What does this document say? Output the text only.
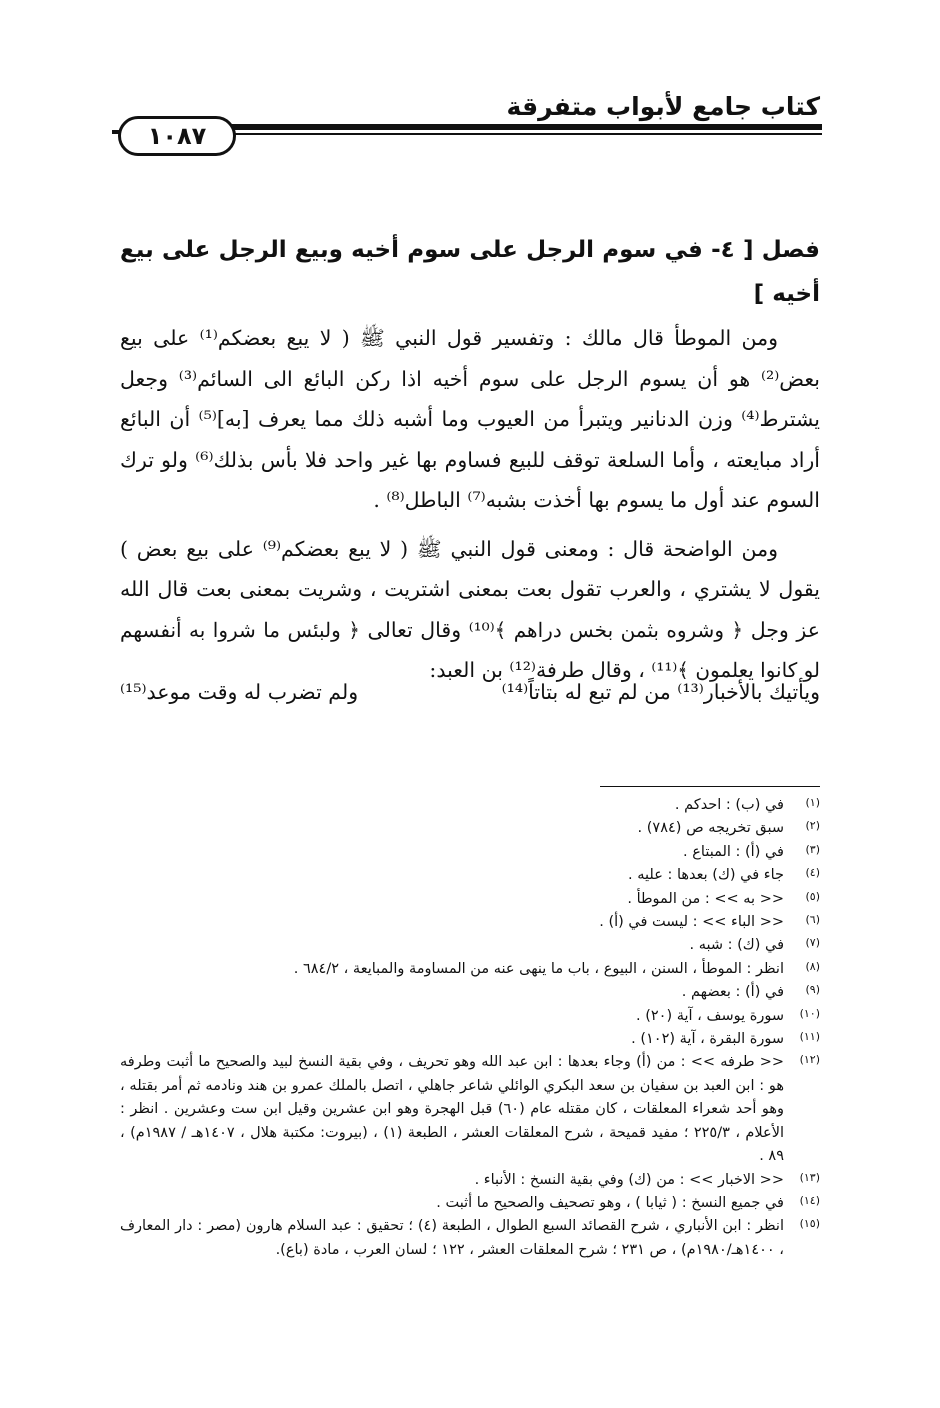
كتاب جامع لأبواب متفرقة
١٠٨٧

فصل [ ٤- في سوم الرجل على سوم أخيه وبيع الرجل على بيع أخيه ]

ومن الموطأ قال مالك : وتفسير قول النبي ﷺ ( لا يبع بعضكم⁽¹⁾ على بيع بعض⁽²⁾ هو أن يسوم الرجل على سوم أخيه اذا ركن البائع الى السائم⁽³⁾ وجعل يشترط⁽⁴⁾ وزن الدنانير ويتبرأ من العيوب وما أشبه ذلك مما يعرف [به]⁽⁵⁾ أن البائع أراد مبايعته ، وأما السلعة توقف للبيع فساوم بها غير واحد فلا بأس بذلك⁽⁶⁾ ولو ترك السوم عند أول ما يسوم بها أخذت بشبه⁽⁷⁾ الباطل⁽⁸⁾ .

ومن الواضحة قال : ومعنى قول النبي ﷺ ( لا يبع بعضكم⁽⁹⁾ على بيع بعض ) يقول لا يشتري ، والعرب تقول بعت بمعنى اشتريت ، وشريت بمعنى بعت قال الله عز وجل ﴿ وشروه بثمن بخس دراهم ﴾⁽¹⁰⁾ وقال تعالى ﴿ ولبئس ما شروا به أنفسهم لو كانوا يعلمون ﴾⁽¹¹⁾ ، وقال طرفة⁽¹²⁾ بن العبد:

ويأتيك بالأخبار⁽¹³⁾ من لم تبع له بتاتاً⁽¹⁴⁾
ولم تضرب له وقت موعد⁽¹⁵⁾
(١)
في (ب) : احدكم .
(٢)
سبق تخريجه ص (٧٨٤) .
(٣)
في (أ) : المبتاع .
(٤)
جاء في (ك) بعدها : عليه .
(٥)
<< به >> : من الموطأ .
(٦)
<< الباء >> : ليست في (أ) .
(٧)
في (ك) : شبه .
(٨)
انظر : الموطأ ، السنن ، البيوع ، باب ما ينهى عنه من المساومة والمبايعة ، ٦٨٤/٢ .
(٩)
في (أ) : بعضهم .
(١٠)
سورة يوسف ، آية (٢٠) .
(١١)
سورة البقرة ، آية (١٠٢) .
(١٢)
<< طرفه >> : من (أ) وجاء بعدها : ابن عبد الله وهو تحريف ، وفي بقية النسخ لبيد والصحيح ما أثبت وطرفه هو : ابن العبد بن سفيان بن سعد البكري الوائلي شاعر جاهلي ، اتصل بالملك عمرو بن هند ونادمه ثم أمر بقتله ، وهو أحد شعراء المعلقات ، كان مقتله عام (٦٠) قبل الهجرة وهو ابن عشرين وقيل ابن ست وعشرين . انظر : الأعلام ، ٢٢٥/٣ ؛ مفيد قميحة ، شرح المعلقات العشر ، الطبعة (١) ، (بيروت: مكتبة هلال ، ١٤٠٧هـ / ١٩٨٧م) ، ٨٩ .
(١٣)
<< الاخبار >> : من (ك) وفي بقية النسخ : الأنباء .
(١٤)
في جميع النسخ : ( ثيابا ) ، وهو تصحيف والصحيح ما أثبت .
(١٥)
انظر : ابن الأنباري ، شرح القصائد السبع الطوال ، الطبعة (٤) ؛ تحقيق : عبد السلام هارون (مصر : دار المعارف ، ١٤٠٠هـ/١٩٨٠م) ، ص ٢٣١ ؛ شرح المعلقات العشر ، ١٢٢ ؛ لسان العرب ، مادة (باع).
